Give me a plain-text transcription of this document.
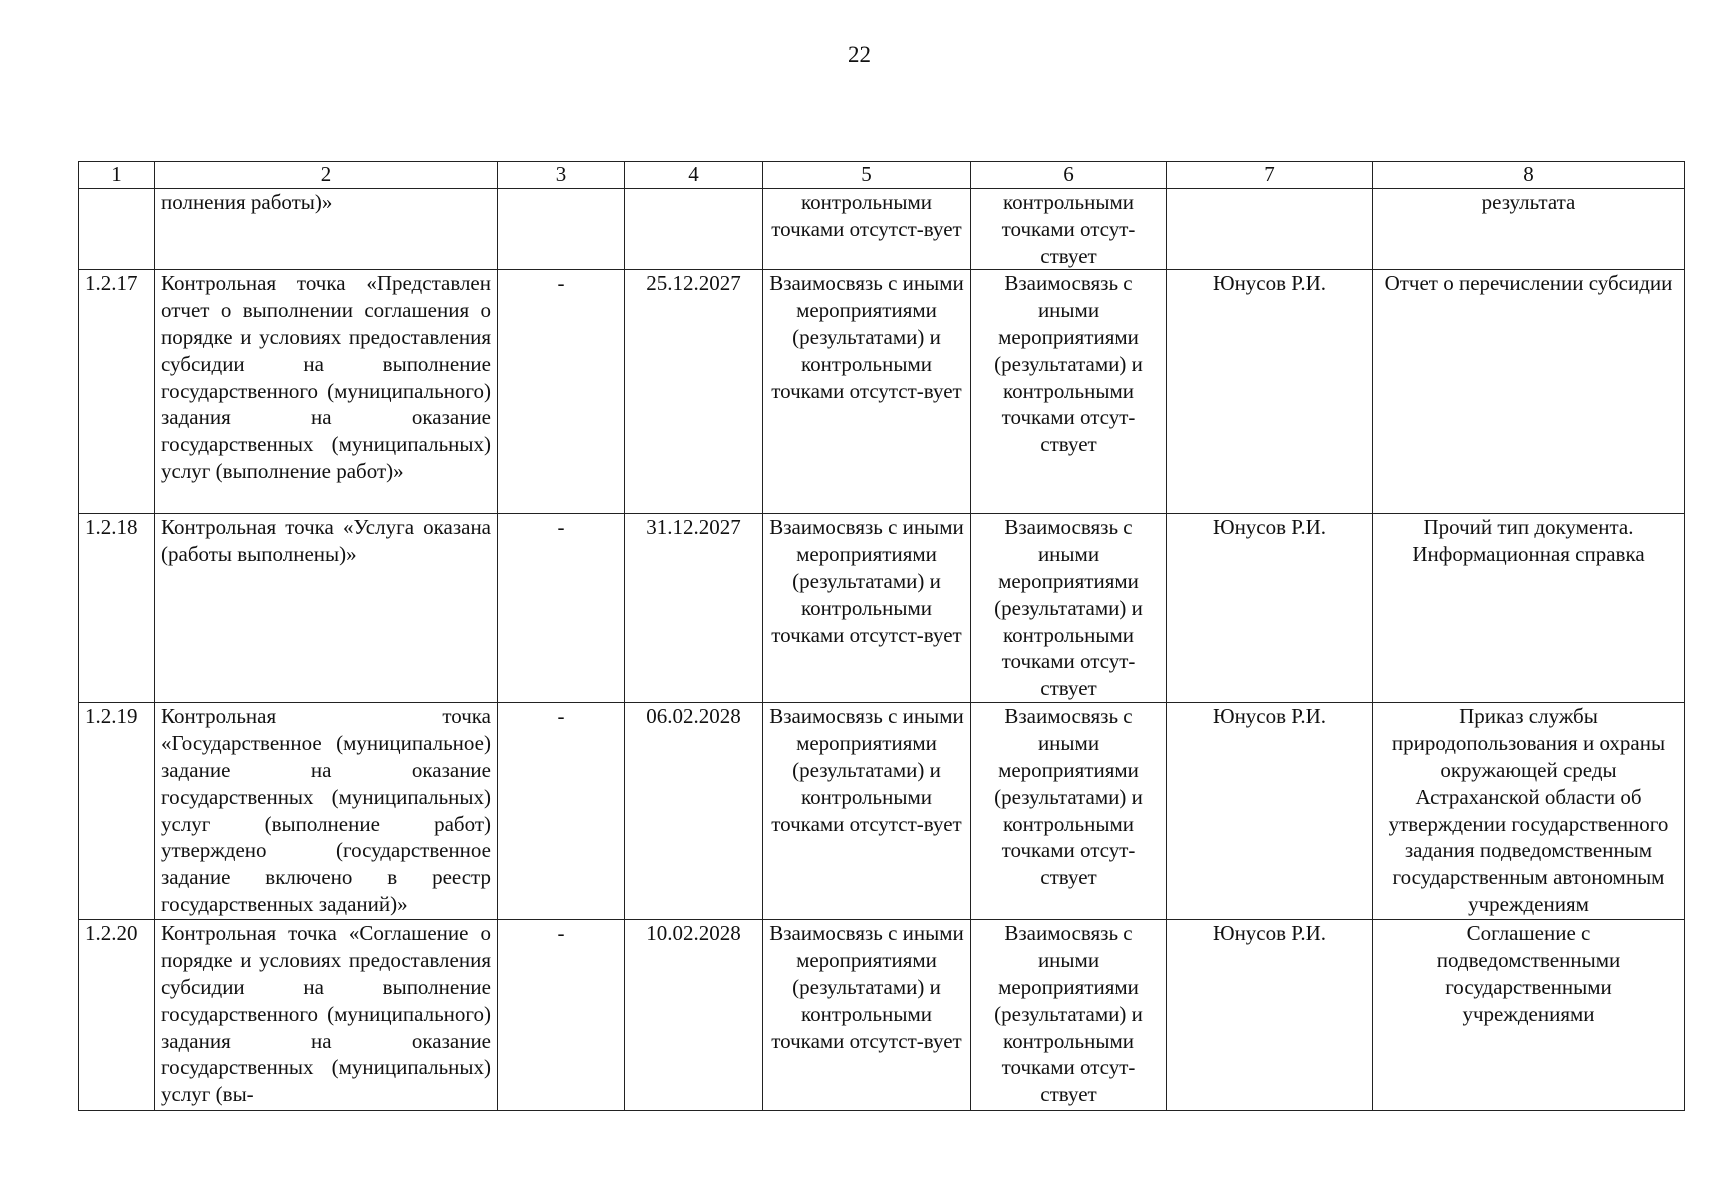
22
1	2	3	4	5	6	7	8
	полнения работы)»			контрольными точками отсутст-вует	контрольными точками отсут-ствует		результата
1.2.17	Контрольная точка «Представлен отчет о выполнении соглашения о порядке и условиях предоставления субсидии на выполнение государственного (муниципального) задания на оказание государственных (муниципальных) услуг (выполнение работ)»	-	25.12.2027	Взаимосвязь с иными мероприятиями (результатами) и контрольными точками отсутст-вует	Взаимосвязь с иными мероприятиями (результатами) и контрольными точками отсут-ствует	Юнусов Р.И.	Отчет о перечислении субсидии
1.2.18	Контрольная точка «Услуга оказана (работы выполнены)»	-	31.12.2027	Взаимосвязь с иными мероприятиями (результатами) и контрольными точками отсутст-вует	Взаимосвязь с иными мероприятиями (результатами) и контрольными точками отсут-ствует	Юнусов Р.И.	Прочий тип документа. Информационная справка
1.2.19	Контрольная точка «Государственное (муниципальное) задание на оказание государственных (муниципальных) услуг (выполнение работ) утверждено (государственное задание включено в реестр государственных заданий)»	-	06.02.2028	Взаимосвязь с иными мероприятиями (результатами) и контрольными точками отсутст-вует	Взаимосвязь с иными мероприятиями (результатами) и контрольными точками отсут-ствует	Юнусов Р.И.	Приказ службы природопользования и охраны окружающей среды Астраханской области об утверждении государственного задания подведомственным государственным автономным учреждениям
1.2.20	Контрольная точка «Соглашение о порядке и условиях предоставления субсидии на выполнение государственного (муниципального) задания на оказание государственных (муниципальных) услуг (вы-	-	10.02.2028	Взаимосвязь с иными мероприятиями (результатами) и контрольными точками отсутст-вует	Взаимосвязь с иными мероприятиями (результатами) и контрольными точками отсут-ствует	Юнусов Р.И.	Соглашение с подведомственными государственными учреждениями
